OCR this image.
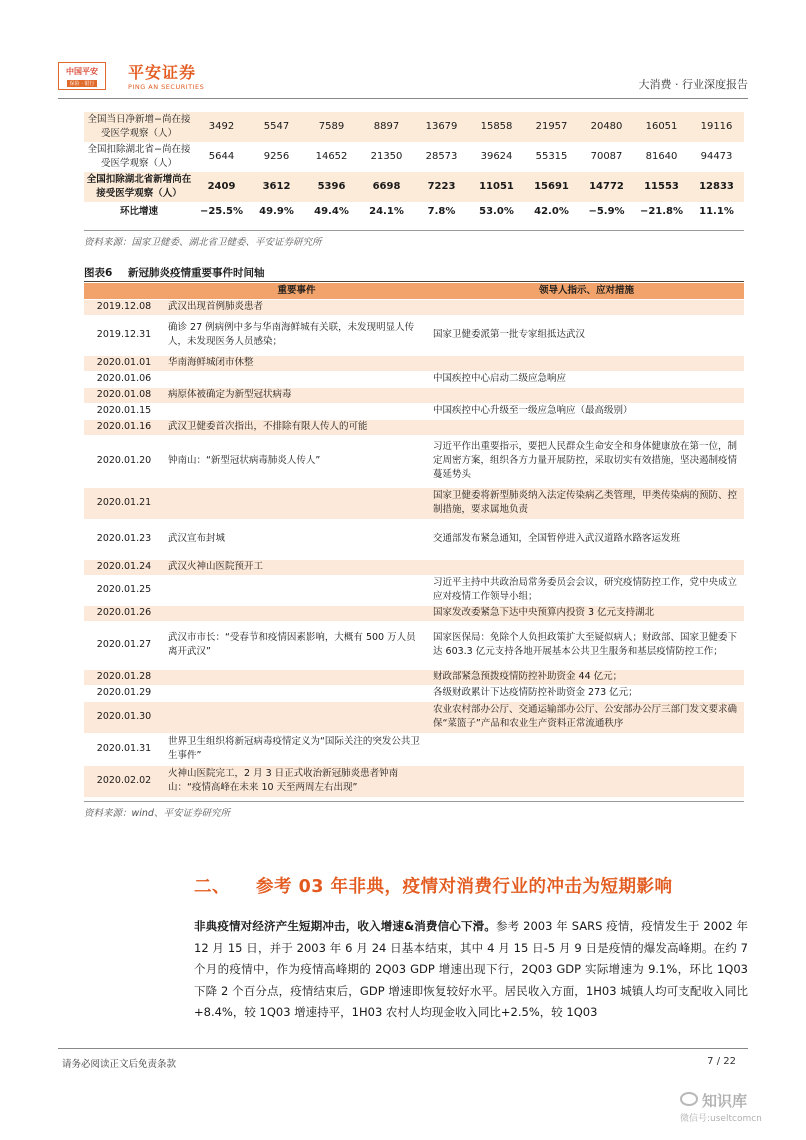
中国平安
保险 · 银行
平安证券
PING AN SECURITIES	大消费 · 行业深度报告
全国当日净新增−尚在接受医学观察（人）	3492	5547	7589	8897	13679	15858	21957	20480	16051	19116
全国扣除湖北省−尚在接受医学观察（人）	5644	9256	14652	21350	28573	39624	55315	70087	81640	94473
全国扣除湖北省新增尚在接受医学观察（人）	2409	3612	5396	6698	7223	11051	15691	14772	11553	12833
环比增速	−25.5%	49.9%	49.4%	24.1%	7.8%	53.0%	42.0%	−5.9%	−21.8%	11.1%
资料来源：国家卫健委、湖北省卫健委、平安证券研究所
图表6 新冠肺炎疫情重要事件时间轴
	重要事件	领导人指示、应对措施
2019.12.08	武汉出现首例肺炎患者	
2019.12.31	确诊 27 例病例中多与华南海鲜城有关联，未发现明显人传人，未发现医务人员感染；	国家卫健委派第一批专家组抵达武汉
2020.01.01	华南海鲜城闭市休整	
2020.01.06		中国疾控中心启动二级应急响应
2020.01.08	病原体被确定为新型冠状病毒	
2020.01.15		中国疾控中心升级至一级应急响应（最高级别）
2020.01.16	武汉卫健委首次指出，不排除有限人传人的可能	
2020.01.20	钟南山：“新型冠状病毒肺炎人传人”	习近平作出重要指示，要把人民群众生命安全和身体健康放在第一位，制定周密方案，组织各方力量开展防控，采取切实有效措施，坚决遏制疫情蔓延势头
2020.01.21		国家卫健委将新型肺炎纳入法定传染病乙类管理，甲类传染病的预防、控制措施，要求属地负责
2020.01.23	武汉宣布封城	交通部发布紧急通知，全国暂停进入武汉道路水路客运发班
2020.01.24	武汉火神山医院预开工	
2020.01.25		习近平主持中共政治局常务委员会会议，研究疫情防控工作，党中央成立应对疫情工作领导小组；
2020.01.26		国家发改委紧急下达中央预算内投资 3 亿元支持湖北
2020.01.27	武汉市市长：“受春节和疫情因素影响，大概有 500 万人员离开武汉”	国家医保局：免除个人负担政策扩大至疑似病人；财政部、国家卫健委下达 603.3 亿元支持各地开展基本公共卫生服务和基层疫情防控工作；
2020.01.28		财政部紧急预拨疫情防控补助资金 44 亿元；
2020.01.29		各级财政累计下达疫情防控补助资金 273 亿元；
2020.01.30		农业农村部办公厅、交通运输部办公厅、公安部办公厅三部门发文要求确保“菜篮子”产品和农业生产资料正常流通秩序
2020.01.31	世界卫生组织将新冠病毒疫情定义为“国际关注的突发公共卫生事件”	
2020.02.02	火神山医院完工，2 月 3 日正式收治新冠肺炎患者钟南山：“疫情高峰在未来 10 天至两周左右出现”	
资料来源：wind、平安证券研究所
二、 参考 03 年非典，疫情对消费行业的冲击为短期影响
非典疫情对经济产生短期冲击，收入增速&消费信心下滑。参考 2003 年 SARS 疫情，疫情发生于 2002 年 12 月 15 日，并于 2003 年 6 月 24 日基本结束，其中 4 月 15 日-5 月 9 日是疫情的爆发高峰期。在约 7 个月的疫情中，作为疫情高峰期的 2Q03 GDP 增速出现下行，2Q03 GDP 实际增速为 9.1%，环比 1Q03 下降 2 个百分点，疫情结束后，GDP 增速即恢复较好水平。居民收入方面，1H03 城镇人均可支配收入同比+8.4%，较 1Q03 增速持平，1H03 农村人均现金收入同比+2.5%，较 1Q03
请务必阅读正文后免责条款	7 / 22
知识库
微信号:useltcomcn
